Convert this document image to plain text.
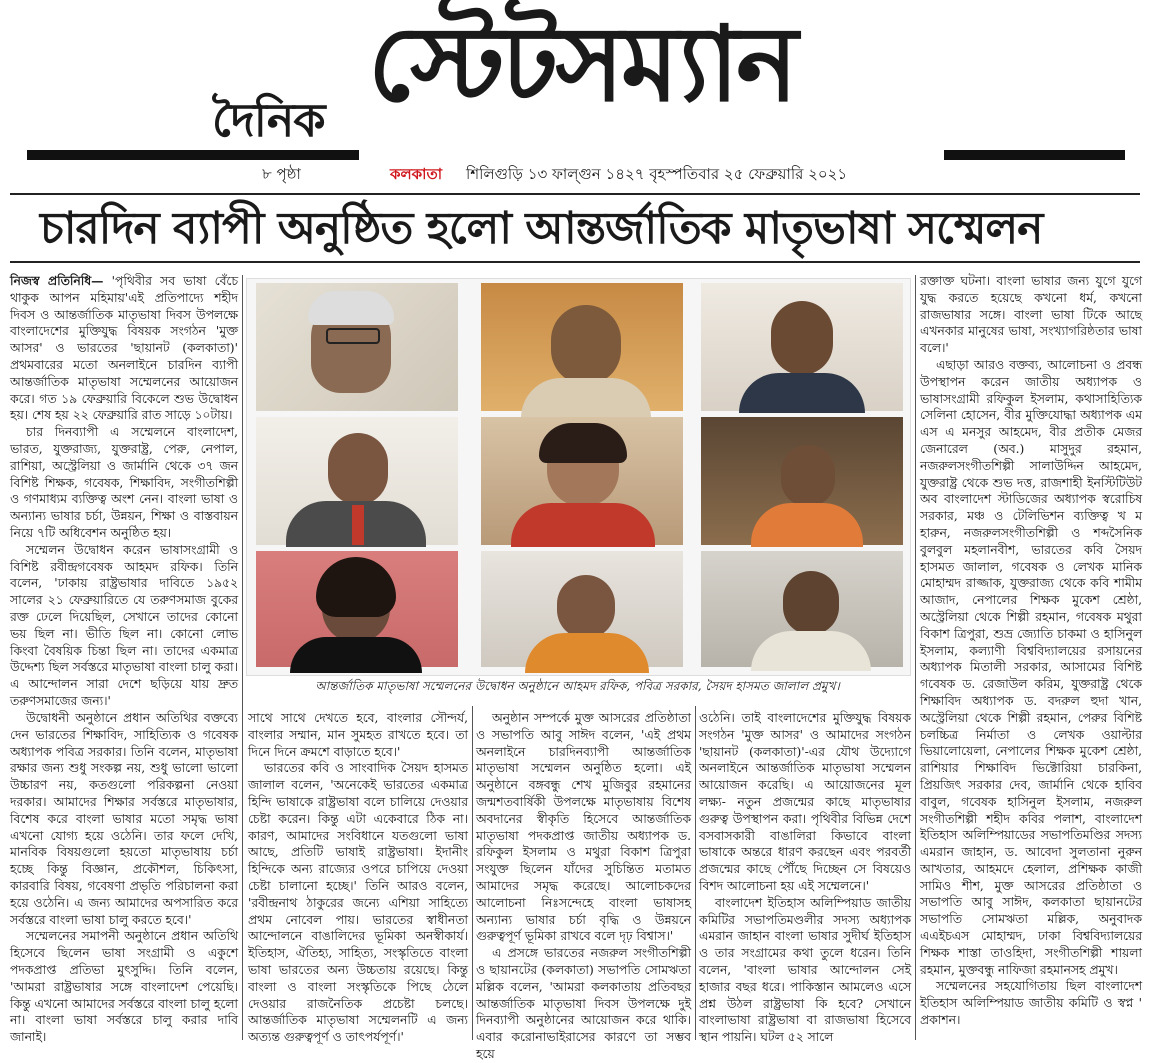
দৈনিক স্টেটসম্যান
৮ পৃষ্ঠা	কলকাতা শিলিগুড়ি ১৩ ফাল্গুন ১৪২৭ বৃহস্পতিবার ২৫ ফেব্রুয়ারি ২০২১
চারদিন ব্যাপী অনুষ্ঠিত হলো আন্তর্জাতিক মাতৃভাষা সম্মেলন

নিজস্ব প্রতিনিধি— 'পৃথিবীর সব ভাষা বেঁচে থাকুক আপন মহিমায়'এই প্রতিপাদ্যে শহীদ দিবস ও আন্তর্জাতিক মাতৃভাষা দিবস উপলক্ষে বাংলাদেশের মুক্তিযুদ্ধ বিষয়ক সংগঠন 'মুক্ত আসর' ও ভারতের 'ছায়ানট (কলকাতা)' প্রথমবারের মতো অনলাইনে চারদিন ব্যাপী আন্তর্জাতিক মাতৃভাষা সম্মেলনের আয়োজন করে। গত ১৯ ফেব্রুয়ারি বিকেলে শুভ উদ্বোধন হয়। শেষ হয় ২২ ফেব্রুয়ারি রাত সাড়ে ১০টায়।

চার দিনব্যাপী এ সম্মেলনে বাংলাদেশ, ভারত, যুক্তরাজ্য, যুক্তরাষ্ট্র, পেরু, নেপাল, রাশিয়া, অস্ট্রেলিয়া ও জার্মানি থেকে ৩৭ জন বিশিষ্ট শিক্ষক, গবেষক, শিক্ষাবিদ, সংগীতশিল্পী ও গণমাধ্যম ব্যক্তিত্ব অংশ নেন। বাংলা ভাষা ও অন্যান্য ভাষার চর্চা, উন্নয়ন, শিক্ষা ও বাস্তবায়ন নিয়ে ৭টি অধিবেশন অনুষ্ঠিত হয়।

সম্মেলন উদ্বোধন করেন ভাষাসংগ্রামী ও বিশিষ্ট রবীন্দ্রগবেষক আহমদ রফিক। তিনি বলেন, 'ঢাকায় রাষ্ট্রভাষার দাবিতে ১৯৫২ সালের ২১ ফেব্রুয়ারিতে যে তরুণসমাজ বুকের রক্ত ঢেলে দিয়েছিল, সেখানে তাদের কোনো ভয় ছিল না। ভীতি ছিল না। কোনো লোভ কিংবা বৈষয়িক চিন্তা ছিল না। তাদের একমাত্র উদ্দেশ্য ছিল সর্বস্তরে মাতৃভাষা বাংলা চালু করা। এ আন্দোলন সারা দেশে ছড়িয়ে যায় দ্রুত তরুণসমাজের জন্য।'

উদ্বোধনী অনুষ্ঠানে প্রধান অতিথির বক্তব্যে দেন ভারতের শিক্ষাবিদ, সাহিত্যিক ও গবেষক অধ্যাপক পবিত্র সরকার। তিনি বলেন, মাতৃভাষা রক্ষার জন্য শুধু সংকল্প নয়, শুধু ভালো ভালো উচ্চারণ নয়, কতগুলো পরিকল্পনা নেওয়া দরকার। আমাদের শিক্ষার সর্বস্তরে মাতৃভাষার, বিশেষ করে বাংলা ভাষার মতো সমৃদ্ধ ভাষা এখনো যোগ্য হয়ে ওঠেনি। তার ফলে দেখি, মানবিক বিষয়গুলো হয়তো মাতৃভাষায় চর্চা হচ্ছে কিন্তু বিজ্ঞান, প্রকৌশল, চিকিৎসা, কারবারি বিষয়, গবেষণা প্রভৃতি পরিচালনা করা হয়ে ওঠেনি। এ জন্য আমাদের অপসারিত করে সর্বস্তরে বাংলা ভাষা চালু করতে হবে।'

সম্মেলনের সমাপনী অনুষ্ঠানে প্রধান অতিথি হিসেবে ছিলেন ভাষা সংগ্রামী ও একুশে পদকপ্রাপ্ত প্রতিভা মুৎসুদ্দি। তিনি বলেন, 'আমরা রাষ্ট্রভাষার সঙ্গে বাংলাদেশ পেয়েছি। কিন্তু এখনো আমাদের সর্বস্তরে বাংলা চালু হলো না। বাংলা ভাষা সর্বস্তরে চালু করার দাবি জানাই।

আন্তর্জাতিক মাতৃভাষা সম্মেলনের উদ্বোধন অনুষ্ঠানে আহমদ রফিক, পবিত্র সরকার, সৈয়দ হাসমত জালাল প্রমুখ।

সাথে সাথে দেখতে হবে, বাংলার সৌন্দর্য, বাংলার সম্মান, মান সুমহত রাখতে হবে। তা দিনে দিনে ক্রমশে বাড়াতে হবে।'

ভারতের কবি ও সাংবাদিক সৈয়দ হাসমত জালাল বলেন, 'অনেকেই ভারতের একমাত্র হিন্দি ভাষাকে রাষ্ট্রভাষা বলে চালিয়ে দেওয়ার চেষ্টা করেন। কিন্তু এটা একেবারে ঠিক না। কারণ, আমাদের সংবিধানে যতগুলো ভাষা আছে, প্রতিটি ভাষাই রাষ্ট্রভাষা। ইদানীং হিন্দিকে অন্য রাজ্যের ওপরে চাপিয়ে দেওয়া চেষ্টা চালানো হচ্ছে।' তিনি আরও বলেন, 'রবীন্দ্রনাথ ঠাকুরের জন্যে এশিয়া সাহিত্যে প্রথম নোবেল পায়। ভারতের স্বাধীনতা আন্দোলনে বাঙালিদের ভূমিকা অনস্বীকার্য। ইতিহাস, ঐতিহ্য, সাহিত্য, সংস্কৃতিতে বাংলা ভাষা ভারতের অন্য উচ্চতায় রয়েছে। কিন্তু বাংলা ও বাংলা সংস্কৃতিকে পিছে ঠেলে দেওয়ার রাজনৈতিক প্রচেষ্টা চলছে। আন্তর্জাতিক মাতৃভাষা সম্মেলনটি এ জন্য অত্যন্ত গুরুত্বপূর্ণ ও তাৎপর্যপূর্ণ।'

অনুষ্ঠান সম্পর্কে মুক্ত আসরের প্রতিষ্ঠাতা ও সভাপতি আবু সাঈদ বলেন, 'এই প্রথম অনলাইনে চারদিনব্যাপী আন্তর্জাতিক মাতৃভাষা সম্মেলন অনুষ্ঠিত হলো। এই অনুষ্ঠানে বঙ্গবন্ধু শেখ মুজিবুর রহমানের জন্মশতবার্ষিকী উপলক্ষে মাতৃভাষায় বিশেষ অবদানের স্বীকৃতি হিসেবে আন্তর্জাতিক মাতৃভাষা পদকপ্রাপ্ত জাতীয় অধ্যাপক ড. রফিকুল ইসলাম ও মথুরা বিকাশ ত্রিপুরা সংযুক্ত ছিলেন যাঁদের সুচিন্তিত মতামত আমাদের সমৃদ্ধ করেছে। আলোচকদের আলোচনা নিঃসন্দেহে বাংলা ভাষাসহ অন্যান্য ভাষার চর্চা বৃদ্ধি ও উন্নয়নে গুরুত্বপূর্ণ ভূমিকা রাখবে বলে দৃঢ় বিশ্বাস।'

এ প্রসঙ্গে ভারতের নজরুল সংগীতশিল্পী ও ছায়ানটের (কলকাতা) সভাপতি সোমঋতা মল্লিক বলেন, 'আমরা কলকাতায় প্রতিবছর আন্তর্জাতিক মাতৃভাষা দিবস উপলক্ষে দুই দিনব্যাপী অনুষ্ঠানের আয়োজন করে থাকি। এবার করোনাভাইরাসের কারণে তা সম্ভব হয়ে

ওঠেনি। তাই বাংলাদেশের মুক্তিযুদ্ধ বিষয়ক সংগঠন 'মুক্ত আসর' ও আমাদের সংগঠন 'ছায়ানট (কলকাতা)'-এর যৌথ উদ্যোগে অনলাইনে আন্তর্জাতিক মাতৃভাষা সম্মেলন আয়োজন করেছি। এ আয়োজনের মূল লক্ষ্য- নতুন প্রজন্মের কাছে মাতৃভাষার গুরুত্ব উপস্থাপন করা। পৃথিবীর বিভিন্ন দেশে বসবাসকারী বাঙালিরা কিভাবে বাংলা ভাষাকে অন্তরে ধারণ করছেন এবং পরবর্তী প্রজন্মের কাছে পৌঁছে দিচ্ছেন সে বিষয়েও বিশদ আলোচনা হয় এই সম্মেলনে।'

বাংলাদেশ ইতিহাস অলিম্পিয়াড জাতীয় কমিটির সভাপতিমণ্ডলীর সদস্য অধ্যাপক এমরান জাহান বাংলা ভাষার সুদীর্ঘ ইতিহাস ও তার সংগ্রামের কথা তুলে ধরেন। তিনি বলেন, 'বাংলা ভাষার আন্দোলন সেই হাজার বছর ধরে। পাকিস্তান আমলেও এসে প্রশ্ন উঠল রাষ্ট্রভাষা কি হবে? সেখানে বাংলাভাষা রাষ্ট্রভাষা বা রাজভাষা হিসেবে স্থান পায়নি। ঘটল ৫২ সালে

রক্তাক্ত ঘটনা। বাংলা ভাষার জন্য যুগে যুগে যুদ্ধ করতে হয়েছে কখনো ধর্ম, কখনো রাজভাষার সঙ্গে। বাংলা ভাষা টিকে আছে এখনকার মানুষের ভাষা, সংখ্যাগরিষ্ঠতার ভাষা বলে।'

এছাড়া আরও বক্তব্য, আলোচনা ও প্রবন্ধ উপস্থাপন করেন জাতীয় অধ্যাপক ও ভাষাসংগ্রামী রফিকুল ইসলাম, কথাসাহিত্যিক সেলিনা হোসেন, বীর মুক্তিযোদ্ধা অধ্যাপক এম এস এ মনসুর আহমেদ, বীর প্রতীক মেজর জেনারেল (অব.) মাসুদুর রহমান, নজরুলসংগীতশিল্পী সালাউদ্দিন আহমেদ, যুক্তরাষ্ট্র থেকে শুভ দত্ত, রাজশাহী ইনস্টিটিউট অব বাংলাদেশ স্টাডিজের অধ্যাপক স্বরোচিষ সরকার, মঞ্চ ও টেলিভিশন ব্যক্তিত্ব খ ম হারুন, নজরুলসংগীতশিল্পী ও শব্দসৈনিক বুলবুল মহলানবীশ, ভারতের কবি সৈয়দ হাসমত জালাল, গবেষক ও লেখক মানিক মোহাম্মদ রাজ্জাক, যুক্তরাজ্য থেকে কবি শামীম আজাদ, নেপালের শিক্ষক মুকেশ শ্রেষ্ঠা, অস্ট্রেলিয়া থেকে শিল্পী রহমান, গবেষক মথুরা বিকাশ ত্রিপুরা, শুভ্র জ্যোতি চাকমা ও হাসিনুল ইসলাম, কল্যাণী বিশ্ববিদ্যালয়ের রসায়নের অধ্যাপক মিতালী সরকার, আসামের বিশিষ্ট গবেষক ড. রেজাউল করিম, যুক্তরাষ্ট্র থেকে শিক্ষাবিদ অধ্যাপক ড. বদরুল হুদা খান, অস্ট্রেলিয়া থেকে শিল্পী রহমান, পেরুর বিশিষ্ট চলচ্চিত্র নির্মাতা ও লেখক ওয়াল্টার ভিয়ালোয়েলা, নেপালের শিক্ষক মুকেশ শ্রেষ্ঠা, রাশিয়ার শিক্ষাবিদ ভিক্টোরিয়া চারকিনা, প্রিয়জিৎ সরকার দেব, জার্মানি থেকে হাবিব বাবুল, গবেষক হাসিনুল ইসলাম, নজরুল সংগীতশিল্পী শহীদ কবির পলাশ, বাংলাদেশ ইতিহাস অলিম্পিয়াডের সভাপতিমণ্ডির সদস্য এমরান জাহান, ড. আবেদা সুলতানা নুরুন আখতার, আহমদে হেলাল, প্রশিক্ষক কাজী সামিও শীশ, মুক্ত আসরের প্রতিষ্ঠাতা ও সভাপতি আবু সাঈদ, কলকাতা ছায়ানটের সভাপতি সোমঋতা মল্লিক, অনুবাদক এএইচএস মোহাম্মদ, ঢাকা বিশ্ববিদ্যালয়ের শিক্ষক শাস্তা তাওহিদা, সংগীতশিল্পী শায়লা রহমান, মুক্তবন্ধু নাফিজা রহমানসহ প্রমুখ।

সম্মেলনের সহযোগিতায় ছিল বাংলাদেশ ইতিহাস অলিম্পিয়াড জাতীয় কমিটি ও স্বপ্ন ' প্রকাশন।
